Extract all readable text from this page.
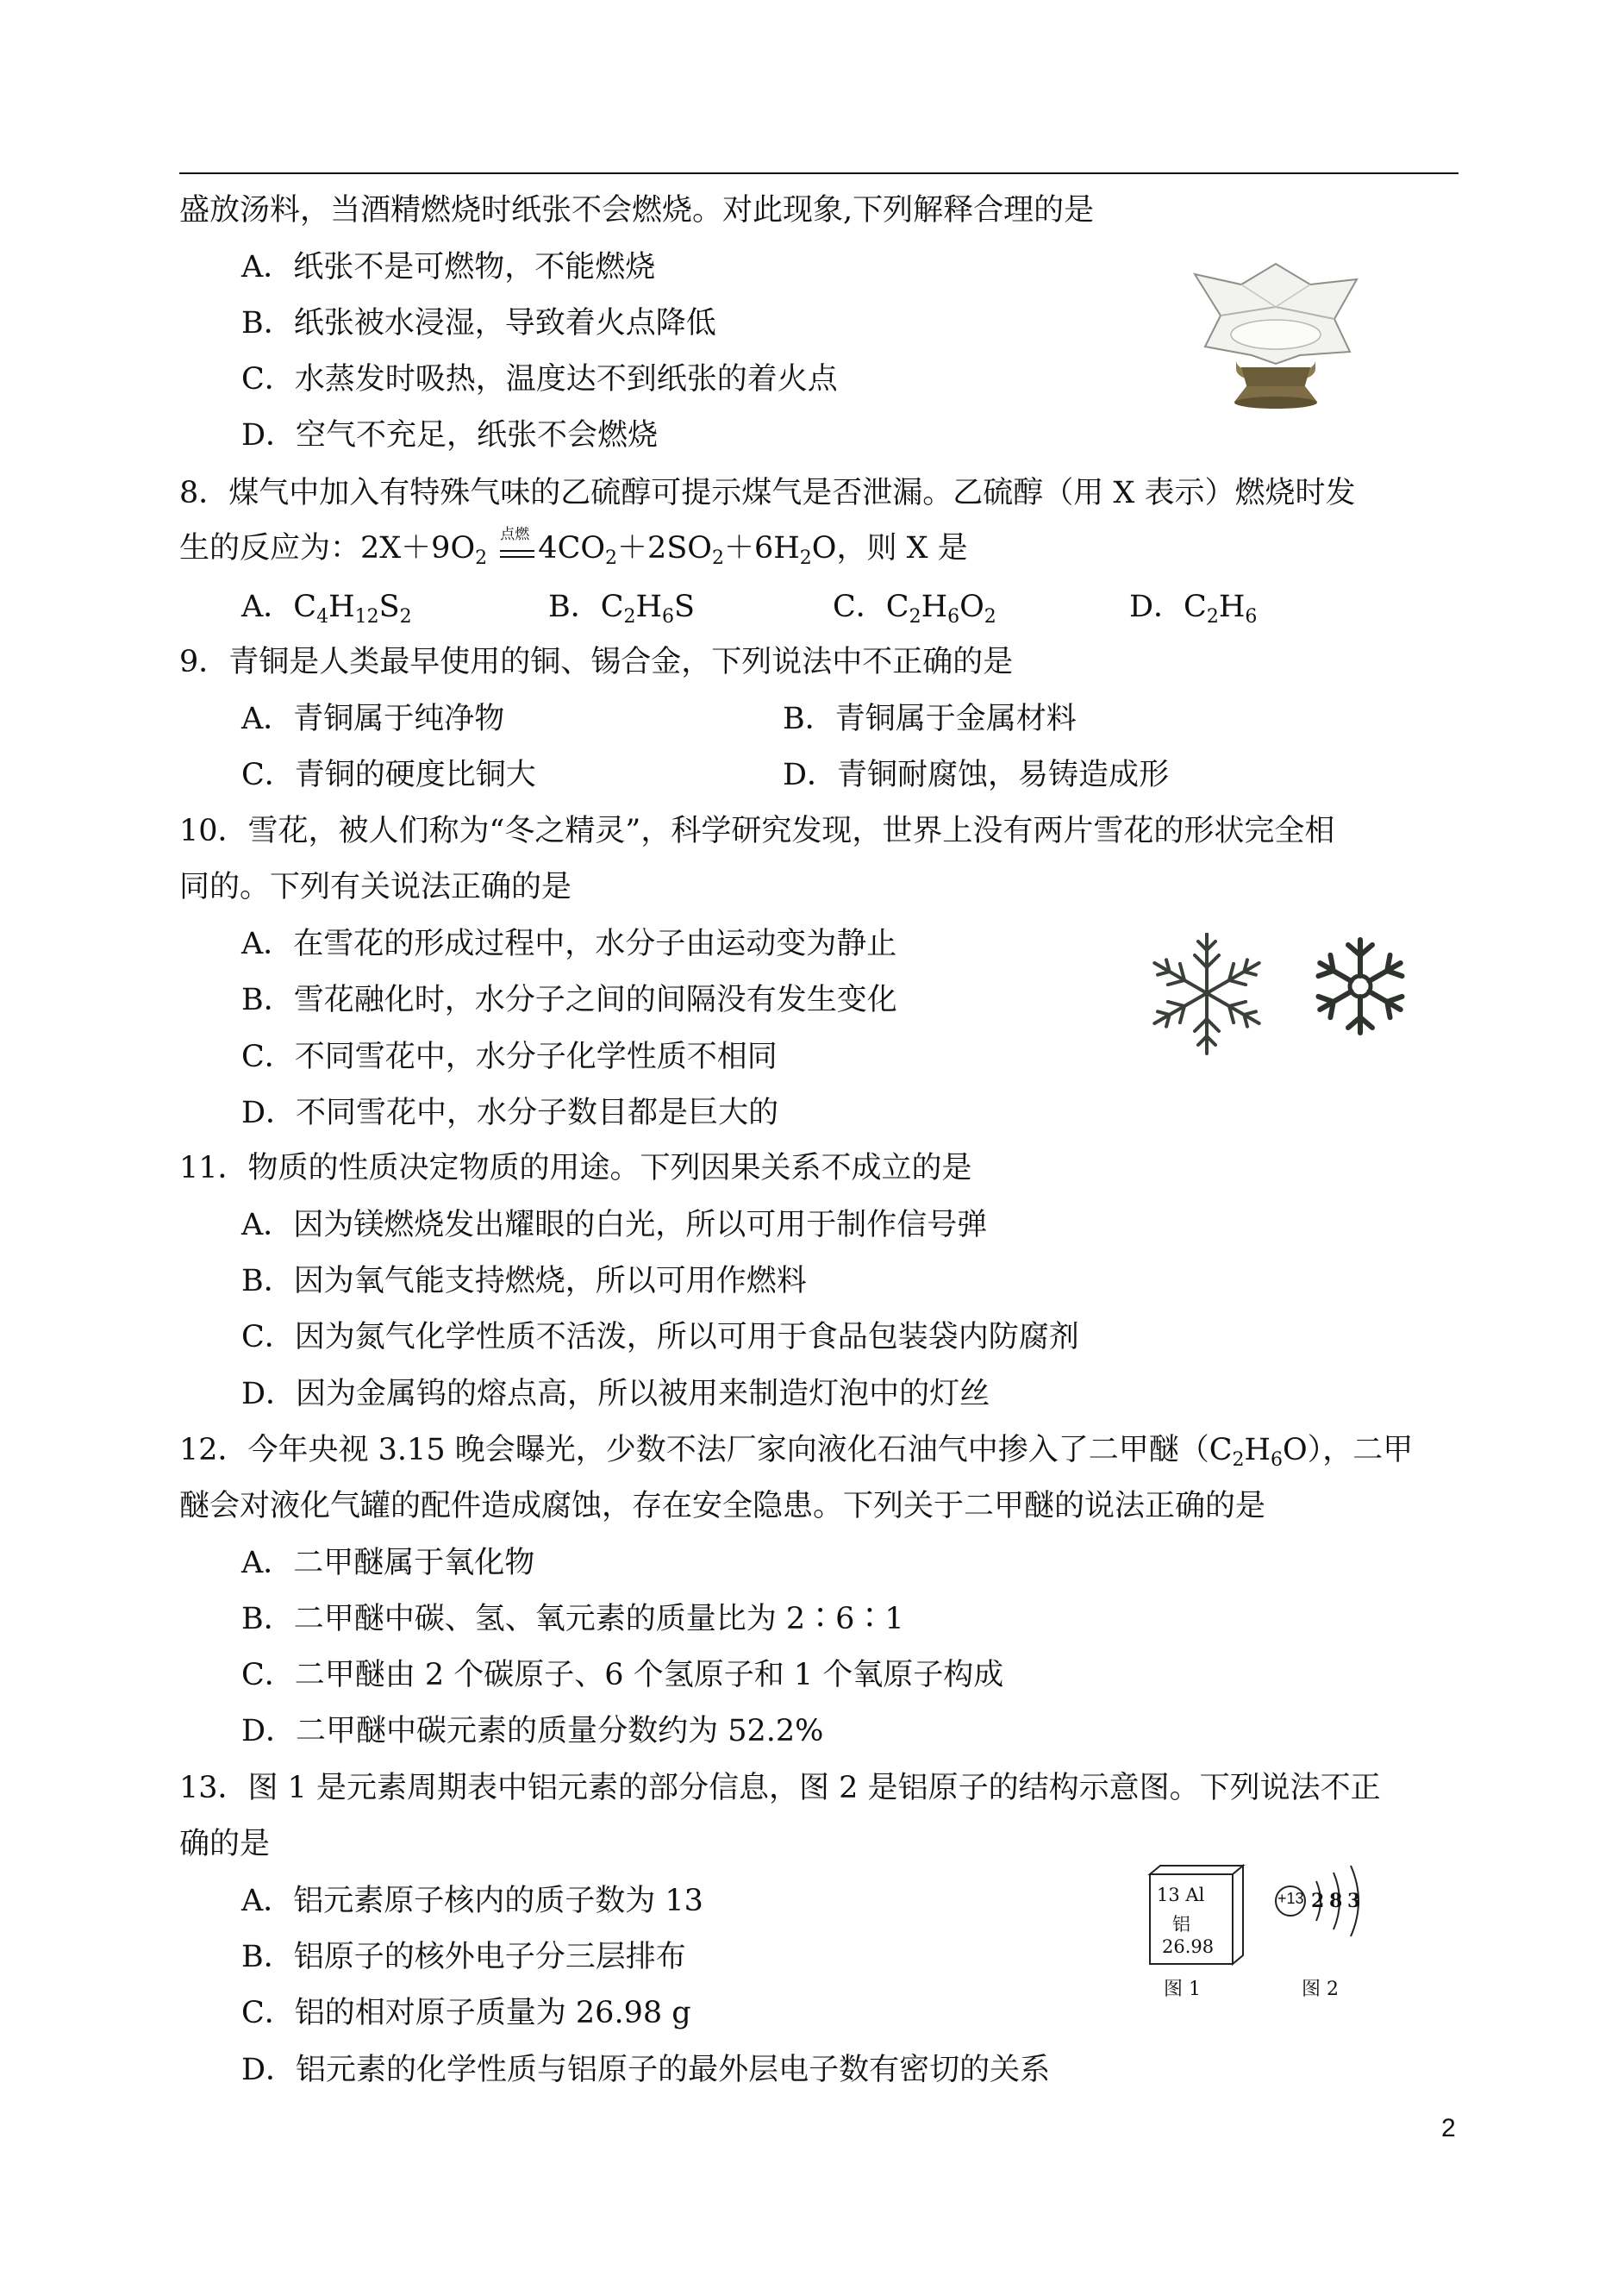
盛放汤料，当酒精燃烧时纸张不会燃烧。对此现象,下列解释合理的是
A．纸张不是可燃物，不能燃烧
B．纸张被水浸湿，导致着火点降低
C．水蒸发时吸热，温度达不到纸张的着火点
D．空气不充足，纸张不会燃烧
8．煤气中加入有特殊气味的乙硫醇可提示煤气是否泄漏。乙硫醇（用 X 表示）燃烧时发
生的反应为：$2X+9O_2$
点燃 $4CO_2+2SO_2+6H_2O$，则 X 是
A．$C_4H_{12}S_2$	B．$C_2H_6S$	C．$C_2H_6O_2$	D．$C_2H_6$
9．青铜是人类最早使用的铜、锡合金，下列说法中不正确的是
A．青铜属于纯净物	B．青铜属于金属材料
C．青铜的硬度比铜大	D．青铜耐腐蚀，易铸造成形
10．雪花，被人们称为“冬之精灵”，科学研究发现，世界上没有两片雪花的形状完全相
同的。下列有关说法正确的是
A．在雪花的形成过程中，水分子由运动变为静止
B．雪花融化时，水分子之间的间隔没有发生变化
C．不同雪花中，水分子化学性质不相同
D．不同雪花中，水分子数目都是巨大的
11．物质的性质决定物质的用途。下列因果关系不成立的是
A．因为镁燃烧发出耀眼的白光，所以可用于制作信号弹
B．因为氧气能支持燃烧，所以可用作燃料
C．因为氮气化学性质不活泼，所以可用于食品包装袋内防腐剂
D．因为金属钨的熔点高，所以被用来制造灯泡中的灯丝
12．今年央视 3.15 晚会曝光，少数不法厂家向液化石油气中掺入了二甲醚$(C_2H_6O)$，二甲
醚会对液化气罐的配件造成腐蚀，存在安全隐患。下列关于二甲醚的说法正确的是
A．二甲醚属于氧化物
B．二甲醚中碳、氢、氧元素的质量比为 2∶6∶1
C．二甲醚由 2 个碳原子、6 个氢原子和 1 个氧原子构成
D．二甲醚中碳元素的质量分数约为 52.2%
13．图 1 是元素周期表中铝元素的部分信息，图 2 是铝原子的结构示意图。下列说法不正
确的是
A．铝元素原子核内的质子数为 13
B．铝原子的核外电子分三层排布
C．铝的相对原子质量为 26.98 g
D．铝元素的化学性质与铝原子的最外层电子数有密切的关系
13 Al
铝
26.98
图 1
+13 2 8 3
图 2
2
